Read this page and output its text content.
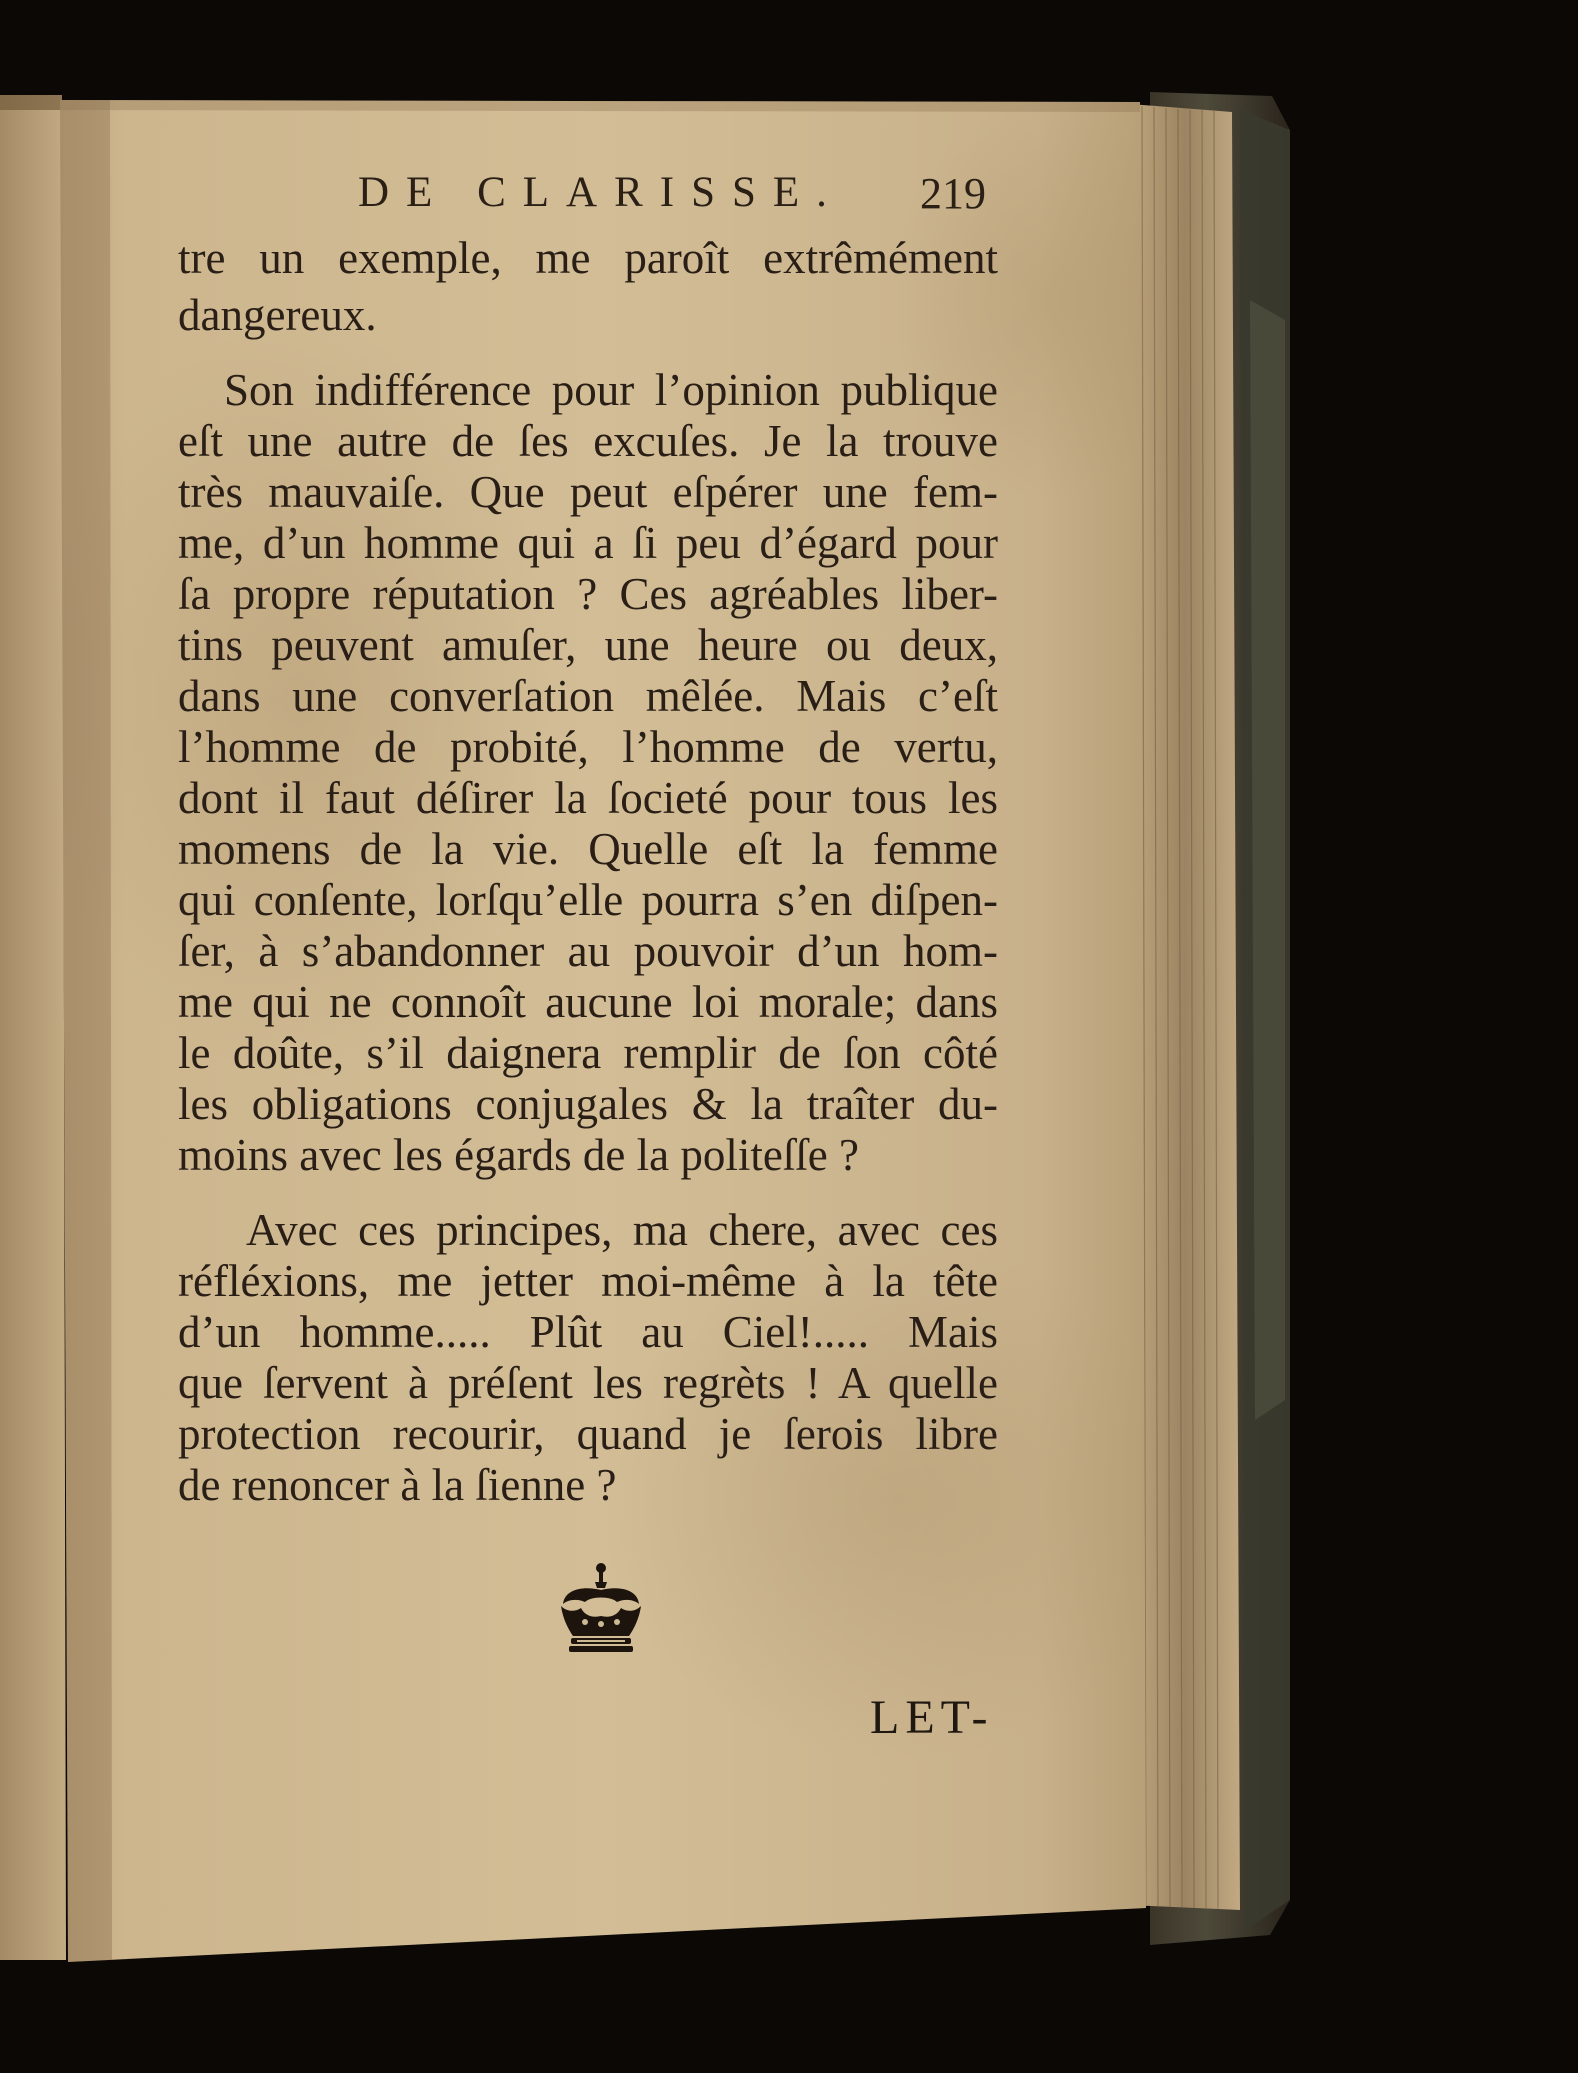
DE CLARISSE. 219
tre un exemple, me paroît extrêmément
dangereux.
Son indifférence pour l’opinion publique
eſt une autre de ſes excuſes. Je la trouve
très mauvaiſe. Que peut eſpérer une fem-
me, d’un homme qui a ſi peu d’égard pour
ſa propre réputation ? Ces agréables liber-
tins peuvent amuſer, une heure ou deux,
dans une converſation mêlée. Mais c’eſt
l’homme de probité, l’homme de vertu,
dont il faut déſirer la ſocieté pour tous les
momens de la vie. Quelle eſt la femme
qui conſente, lorſqu’elle pourra s’en diſpen-
ſer, à s’abandonner au pouvoir d’un hom-
me qui ne connoît aucune loi morale; dans
le doûte, s’il daignera remplir de ſon côté
les obligations conjugales & la traîter du-
moins avec les égards de la politeſſe ?
Avec ces principes, ma chere, avec ces
réfléxions, me jetter moi-même à la tête
d’un homme..... Plût au Ciel!..... Mais
que ſervent à préſent les regrèts ! A quelle
protection recourir, quand je ſerois libre
de renoncer à la ſienne ?
LET-
